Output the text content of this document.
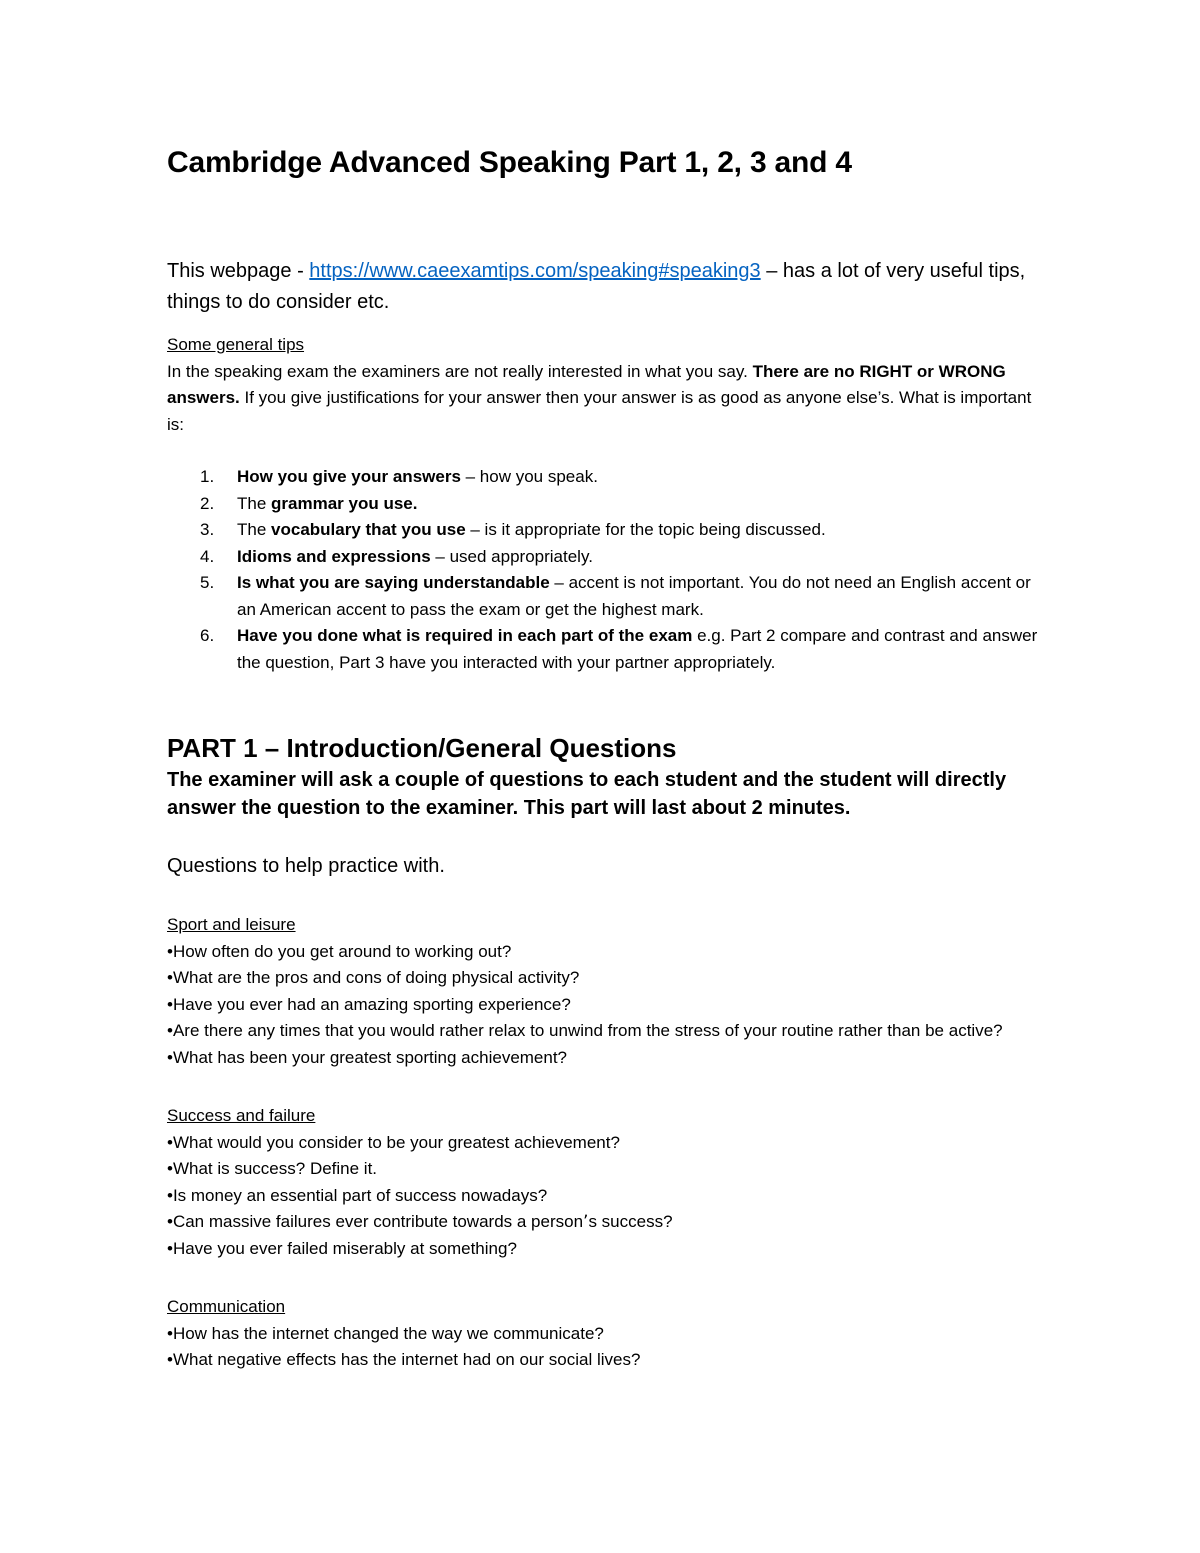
Cambridge Advanced Speaking Part 1, 2, 3 and 4
This webpage - https://www.caeexamtips.com/speaking#speaking3 – has a lot of very useful tips, things to do consider etc.
Some general tips
In the speaking exam the examiners are not really interested in what you say. There are no RIGHT or WRONG answers. If you give justifications for your answer then your answer is as good as anyone else’s. What is important is:
1. How you give your answers – how you speak.
2. The grammar you use.
3. The vocabulary that you use – is it appropriate for the topic being discussed.
4. Idioms and expressions – used appropriately.
5. Is what you are saying understandable – accent is not important. You do not need an English accent or an American accent to pass the exam or get the highest mark.
6. Have you done what is required in each part of the exam e.g. Part 2 compare and contrast and answer the question, Part 3 have you interacted with your partner appropriately.
PART 1 – Introduction/General Questions
The examiner will ask a couple of questions to each student and the student will directly answer the question to the examiner. This part will last about 2 minutes.
Questions to help practice with.
Sport and leisure
• How often do you get around to working out?
• What are the pros and cons of doing physical activity?
• Have you ever had an amazing sporting experience?
• Are there any times that you would rather relax to unwind from the stress of your routine rather than be active?
• What has been your greatest sporting achievement?
Success and failure
• What would you consider to be your greatest achievement?
• What is success? Define it.
• Is money an essential part of success nowadays?
• Can massive failures ever contribute towards a person՚s success?
• Have you ever failed miserably at something?
Communication
• How has the internet changed the way we communicate?
• What negative effects has the internet had on our social lives?
